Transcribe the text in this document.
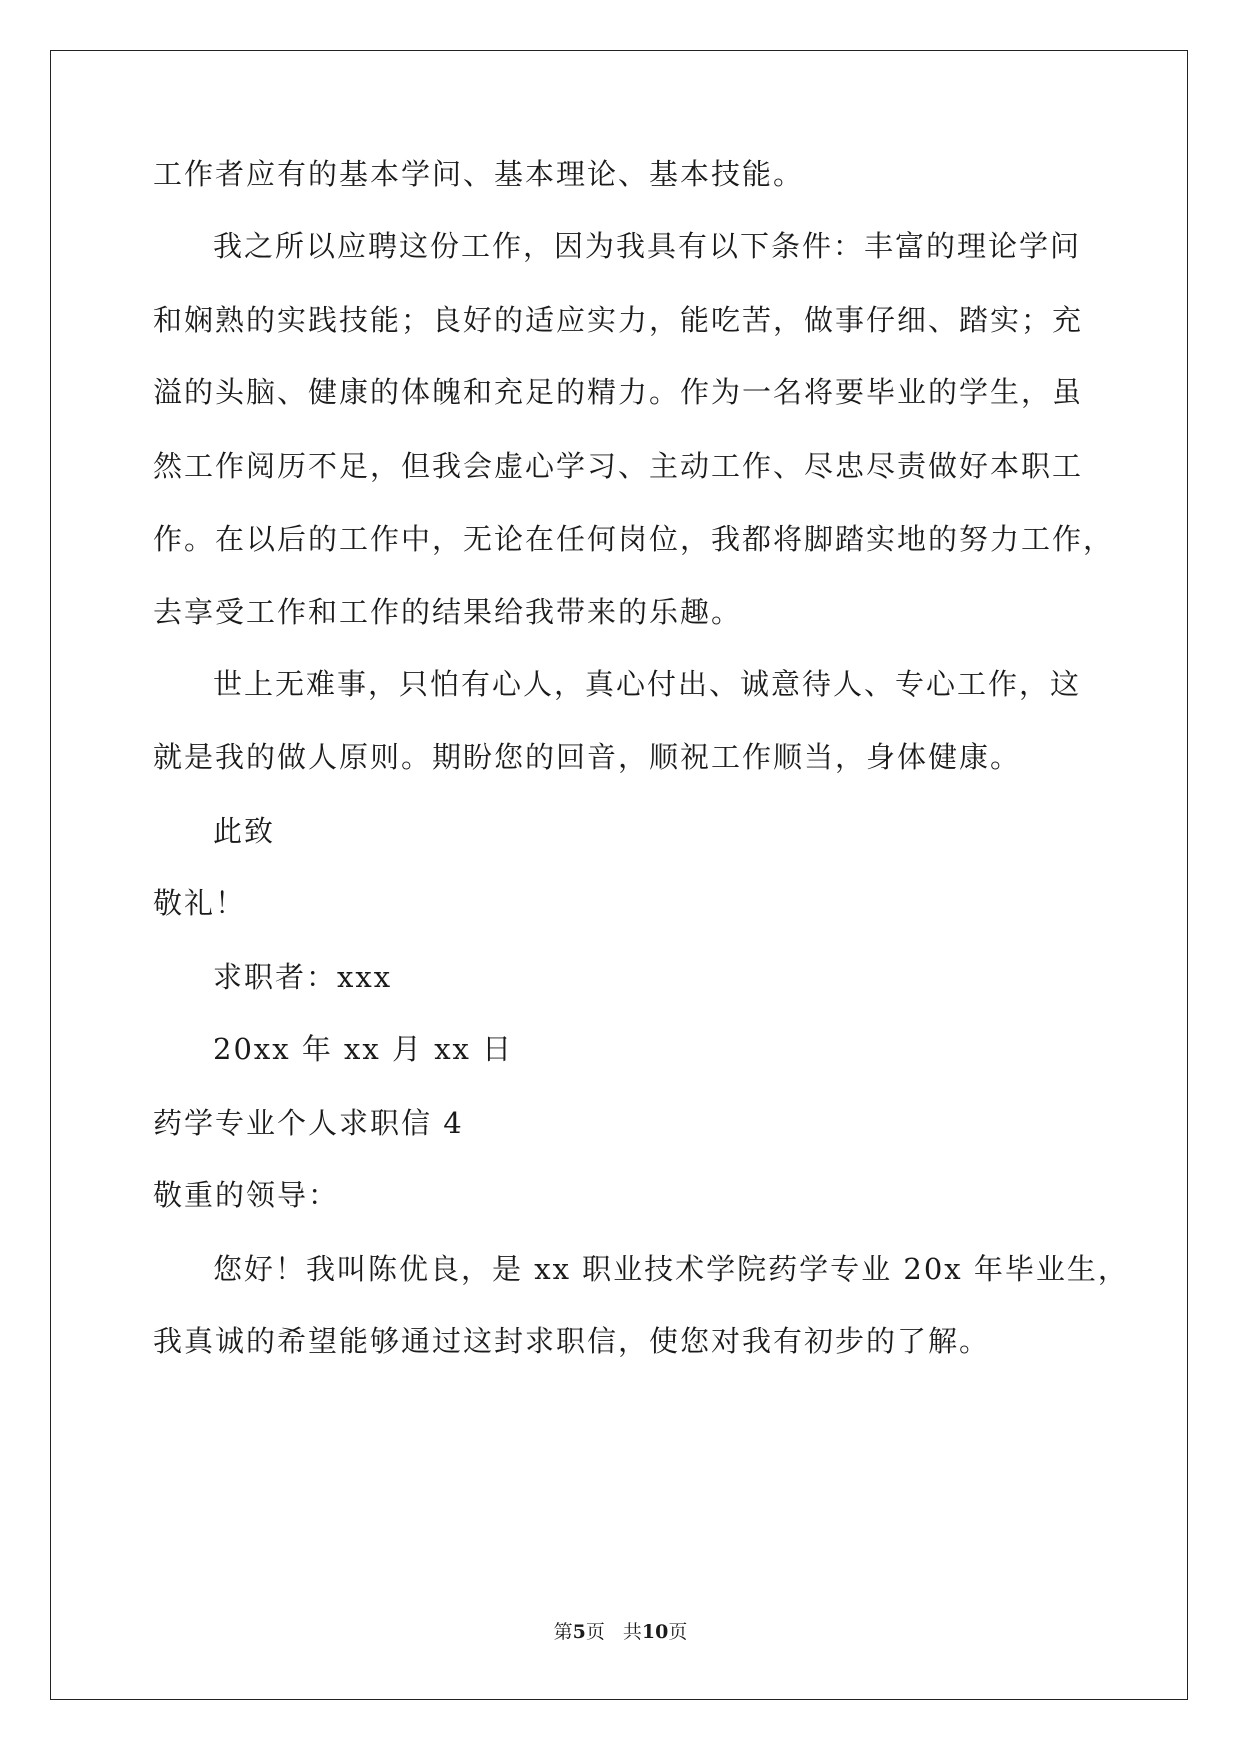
工作者应有的基本学问、基本理论、基本技能。
我之所以应聘这份工作，因为我具有以下条件：丰富的理论学问
和娴熟的实践技能；良好的适应实力，能吃苦，做事仔细、踏实；充
溢的头脑、健康的体魄和充足的精力。作为一名将要毕业的学生，虽
然工作阅历不足，但我会虚心学习、主动工作、尽忠尽责做好本职工
作。在以后的工作中，无论在任何岗位，我都将脚踏实地的努力工作，
去享受工作和工作的结果给我带来的乐趣。
世上无难事，只怕有心人，真心付出、诚意待人、专心工作，这
就是我的做人原则。期盼您的回音，顺祝工作顺当，身体健康。
此致
敬礼！
求职者：xxx
20xx 年 xx 月 xx 日
药学专业个人求职信 4
敬重的领导：
您好！我叫陈优良，是 xx 职业技术学院药学专业 20x 年毕业生，
我真诚的希望能够通过这封求职信，使您对我有初步的了解。
第5页 共10页
